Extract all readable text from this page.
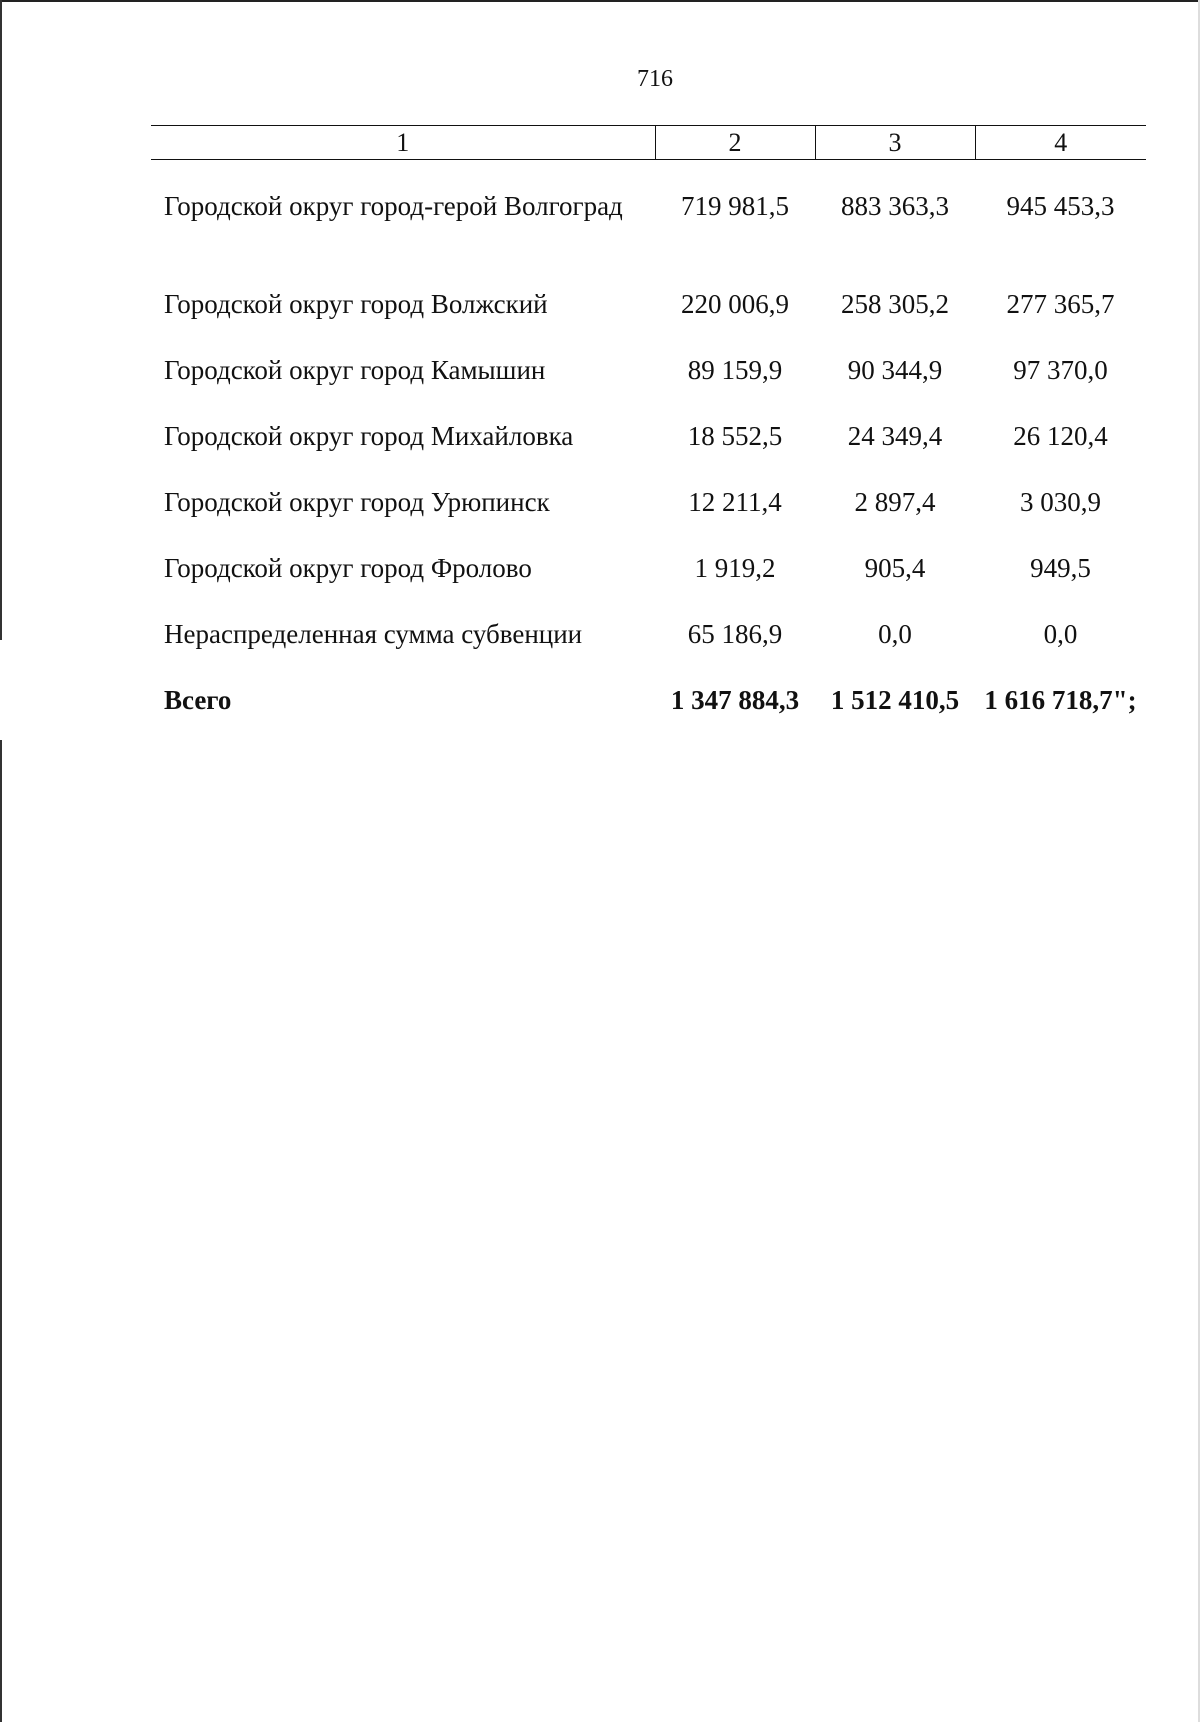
716
1	2	3	4

Городской округ город-герой Волгоград	719 981,5	883 363,3	945 453,3
Городской округ город Волжский	220 006,9	258 305,2	277 365,7
Городской округ город Камышин	89 159,9	90 344,9	97 370,0
Городской округ город Михайловка	18 552,5	24 349,4	26 120,4
Городской округ город Урюпинск	12 211,4	2 897,4	3 030,9
Городской округ город Фролово	1 919,2	905,4	949,5
Нераспределенная сумма субвенции	65 186,9	0,0	0,0
Всего	1 347 884,3	1 512 410,5	1 616 718,7";
